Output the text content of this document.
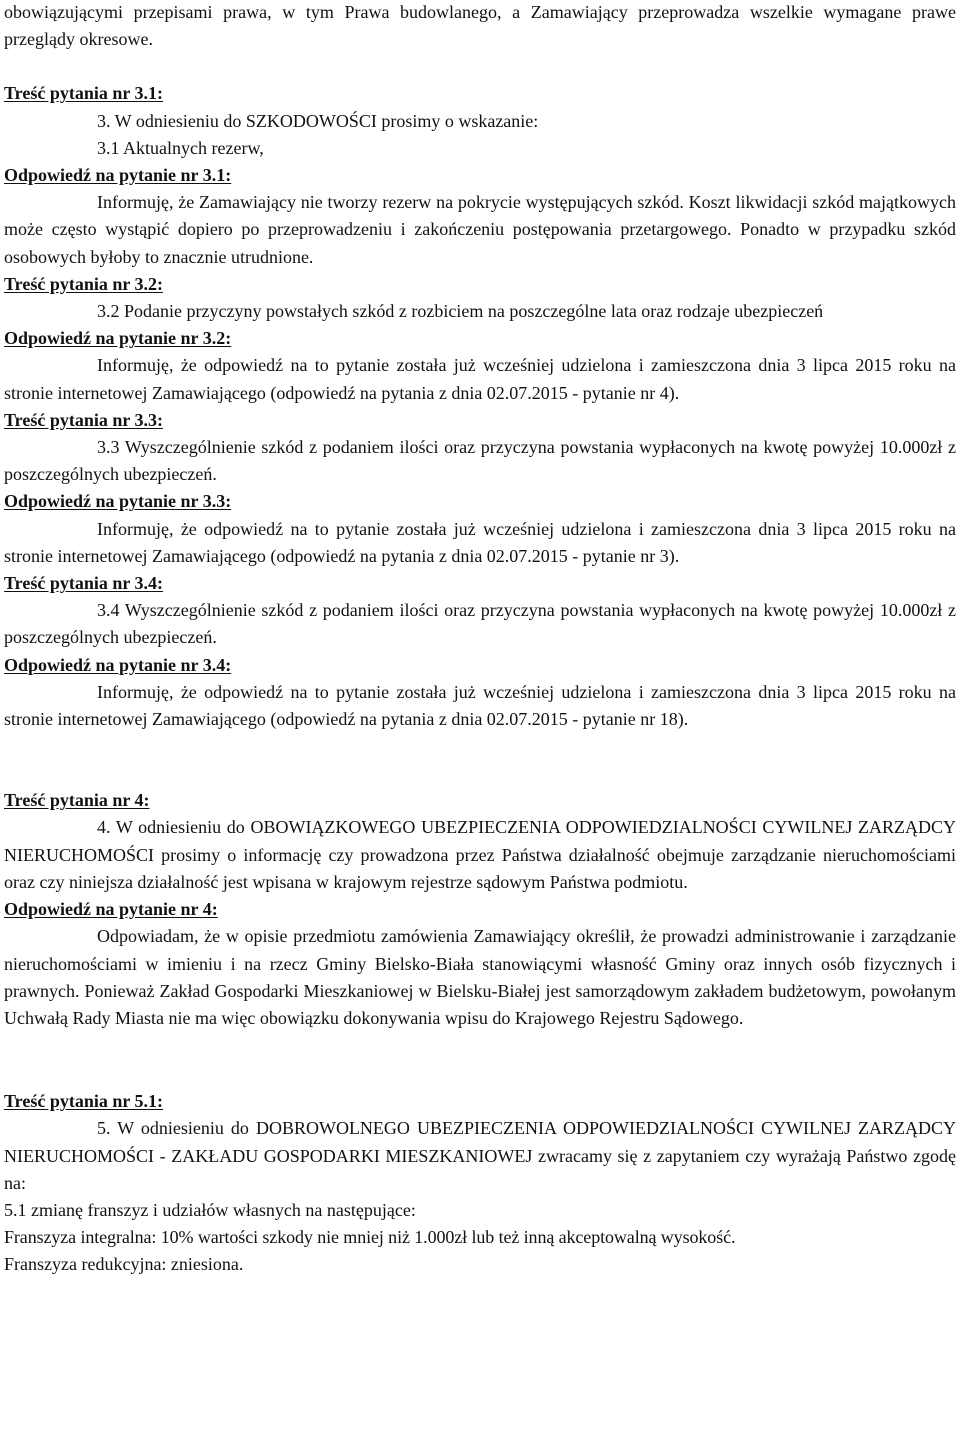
obowiązującymi przepisami prawa, w tym Prawa budowlanego, a Zamawiający przeprowadza wszelkie wymagane prawe przeglądy okresowe.

Treść pytania nr 3.1:

3. W odniesieniu do SZKODOWOŚCI prosimy o wskazanie:

3.1 Aktualnych rezerw,

Odpowiedź na pytanie nr 3.1:

Informuję, że Zamawiający nie tworzy rezerw na pokrycie występujących szkód. Koszt likwidacji szkód majątkowych może często wystąpić dopiero po przeprowadzeniu i zakończeniu postępowania przetargowego. Ponadto w przypadku szkód osobowych byłoby to znacznie utrudnione.

Treść pytania nr 3.2:

3.2 Podanie przyczyny powstałych szkód z rozbiciem na poszczególne lata oraz rodzaje ubezpieczeń

Odpowiedź na pytanie nr 3.2:

Informuję, że odpowiedź na to pytanie została już wcześniej udzielona i zamieszczona dnia 3 lipca 2015 roku na stronie internetowej Zamawiającego (odpowiedź na pytania z dnia 02.07.2015 - pytanie nr 4).

Treść pytania nr 3.3:

3.3 Wyszczególnienie szkód z podaniem ilości oraz przyczyna powstania wypłaconych na kwotę powyżej 10.000zł z poszczególnych ubezpieczeń.

Odpowiedź na pytanie nr 3.3:

Informuję, że odpowiedź na to pytanie została już wcześniej udzielona i zamieszczona dnia 3 lipca 2015 roku na stronie internetowej Zamawiającego (odpowiedź na pytania z dnia 02.07.2015 - pytanie nr 3).

Treść pytania nr 3.4:

3.4 Wyszczególnienie szkód z podaniem ilości oraz przyczyna powstania wypłaconych na kwotę powyżej 10.000zł z poszczególnych ubezpieczeń.

Odpowiedź na pytanie nr 3.4:

Informuję, że odpowiedź na to pytanie została już wcześniej udzielona i zamieszczona dnia 3 lipca 2015 roku na stronie internetowej Zamawiającego (odpowiedź na pytania z dnia 02.07.2015 - pytanie nr 18).

Treść pytania nr 4:

4. W odniesieniu do OBOWIĄZKOWEGO UBEZPIECZENIA ODPOWIEDZIALNOŚCI CYWILNEJ ZARZĄDCY NIERUCHOMOŚCI prosimy o informację czy prowadzona przez Państwa działalność obejmuje zarządzanie nieruchomościami oraz czy niniejsza działalność jest wpisana w krajowym rejestrze sądowym Państwa podmiotu.

Odpowiedź na pytanie nr 4:

Odpowiadam, że w opisie przedmiotu zamówienia Zamawiający określił, że prowadzi administrowanie i zarządzanie nieruchomościami w imieniu i na rzecz Gminy Bielsko-Biała stanowiącymi własność Gminy oraz innych osób fizycznych i prawnych. Ponieważ Zakład Gospodarki Mieszkaniowej w Bielsku-Białej jest samorządowym zakładem budżetowym, powołanym Uchwałą Rady Miasta nie ma więc obowiązku dokonywania wpisu do Krajowego Rejestru Sądowego.

Treść pytania nr 5.1:

5. W odniesieniu do DOBROWOLNEGO UBEZPIECZENIA ODPOWIEDZIALNOŚCI CYWILNEJ ZARZĄDCY NIERUCHOMOŚCI - ZAKŁADU GOSPODARKI MIESZKANIOWEJ zwracamy się z zapytaniem czy wyrażają Państwo zgodę na:

5.1 zmianę franszyz i udziałów własnych na następujące:

Franszyza integralna: 10% wartości szkody nie mniej niż 1.000zł lub też inną akceptowalną wysokość.

Franszyza redukcyjna: zniesiona.
